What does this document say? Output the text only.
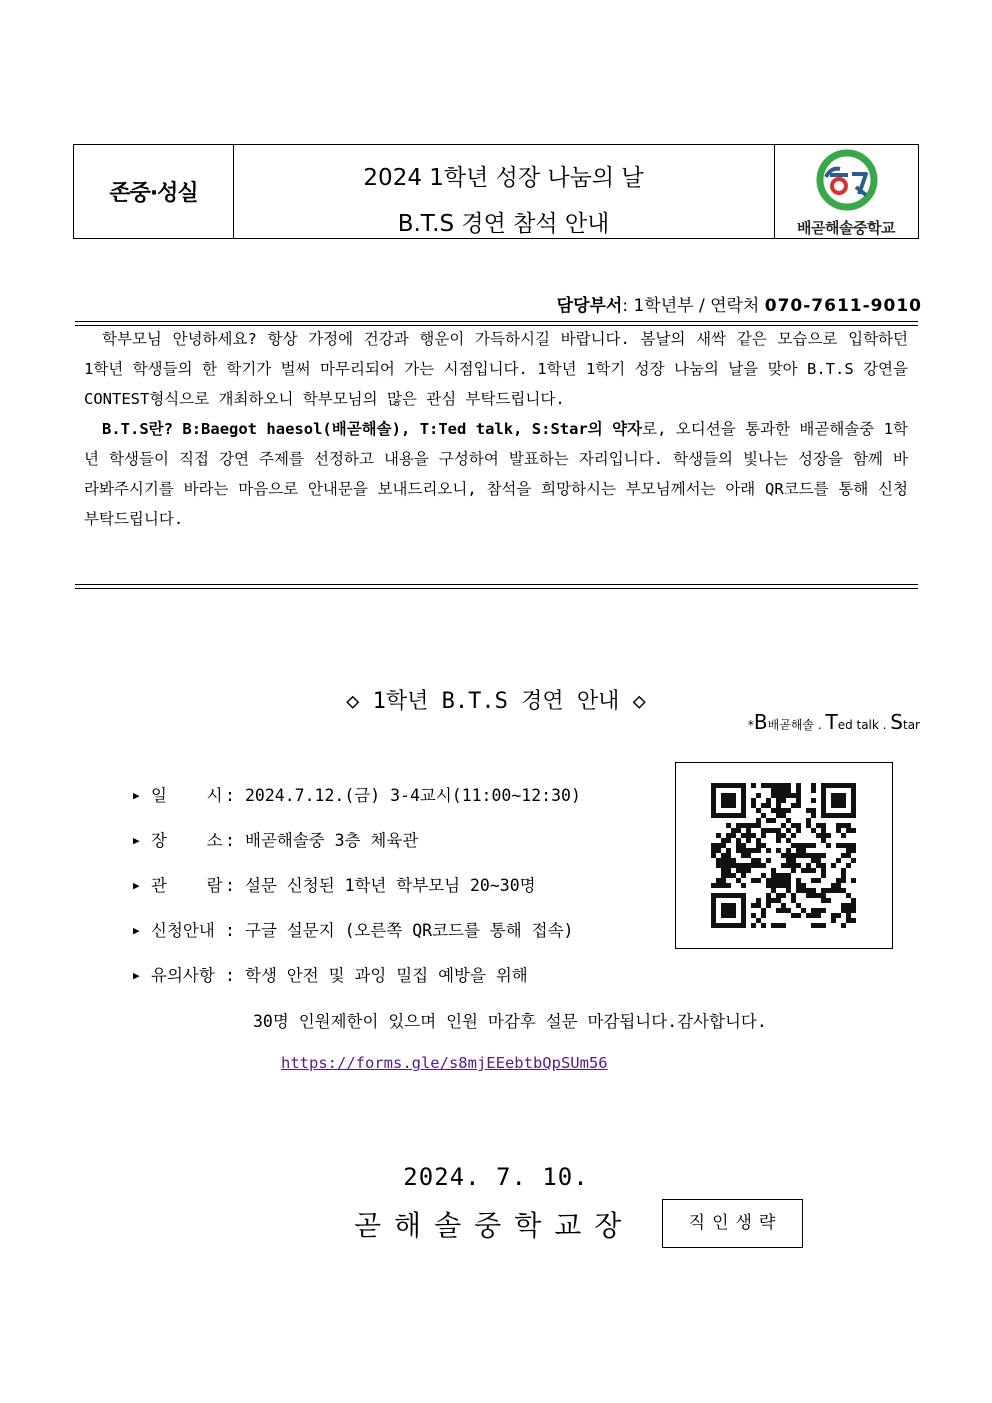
존중·성실
2024 1학년 성장 나눔의 날
B.T.S 경연 참석 안내	배곧해솔중학교
담당부서: 1학년부 / 연락처 070-7611-9010

학부모님 안녕하세요? 항상 가정에 건강과 행운이 가득하시길 바랍니다. 봄날의 새싹 같은 모습으로 입학하던 1학년 학생들의 한 학기가 벌써 마무리되어 가는 시점입니다. 1학년 1학기 성장 나눔의 날을 맞아 B.T.S 강연을 CONTEST형식으로 개최하오니 학부모님의 많은 관심 부탁드립니다.

B.T.S란? B:Baegot haesol(배곧해솔), T:Ted talk, S:Star의 약자로, 오디션을 통과한 배곧해솔중 1학년 학생들이 직접 강연 주제를 선정하고 내용을 구성하여 발표하는 자리입니다. 학생들의 빛나는 성장을 함께 바라봐주시기를 바라는 마음으로 안내문을 보내드리오니, 참석을 희망하시는 부모님께서는 아래 QR코드를 통해 신청 부탁드립니다.

◇ 1학년 B.T.S 경연 안내 ◇
*B배곧해솔 . Ted talk . Star
▶ 일    시 : 2024.7.12.(금) 3-4교시(11:00~12:30)
▶ 장    소 : 배곧해솔중 3층 체육관
▶ 관    람 : 설문 신청된 1학년 학부모님 20~30명
▶ 신청안내 : 구글 설문지 (오른쪽 QR코드를 통해 접속)
▶ 유의사항 : 학생 안전 및 과잉 밀집 예방을 위해
30명 인원제한이 있으며 인원 마감후 설문 마감됩니다.감사합니다.
https://forms.gle/s8mjEEebtbQpSUm56
2024. 7. 10.
곧해솔중학교장	직인생략
